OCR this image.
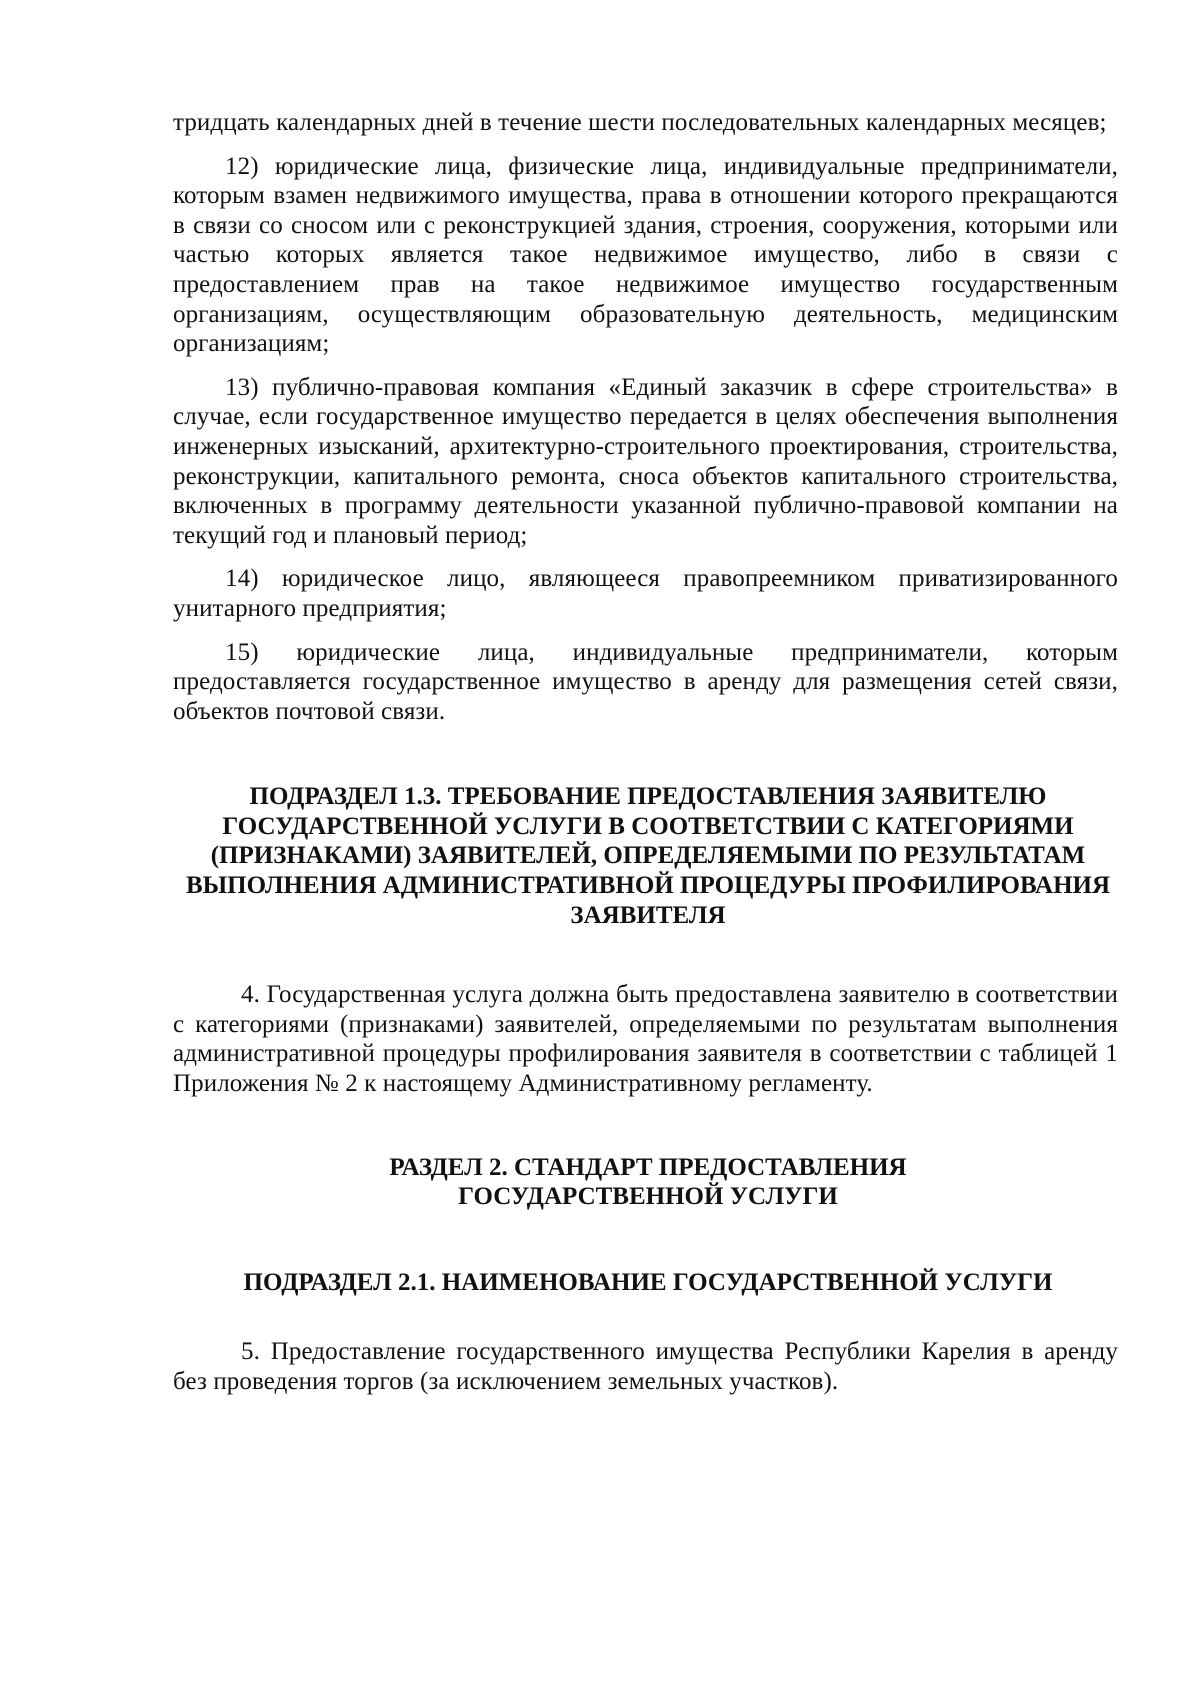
тридцать календарных дней в течение шести последовательных календарных месяцев;

12) юридические лица, физические лица, индивидуальные предприниматели, которым взамен недвижимого имущества, права в отношении которого прекращаются в связи со сносом или с реконструкцией здания, строения, сооружения, которыми или частью которых является такое недвижимое имущество, либо в связи с предоставлением прав на такое недвижимое имущество государственным организациям, осуществляющим образовательную деятельность, медицинским организациям;

13) публично-правовая компания «Единый заказчик в сфере строительства» в случае, если государственное имущество передается в целях обеспечения выполнения инженерных изысканий, архитектурно-строительного проектирования, строительства, реконструкции, капитального ремонта, сноса объектов капитального строительства, включенных в программу деятельности указанной публично-правовой компании на текущий год и плановый период;

14) юридическое лицо, являющееся правопреемником приватизированного унитарного предприятия;

15) юридические лица, индивидуальные предприниматели, которым предоставляется государственное имущество в аренду для размещения сетей связи, объектов почтовой связи.

ПОДРАЗДЕЛ 1.3. ТРЕБОВАНИЕ ПРЕДОСТАВЛЕНИЯ ЗАЯВИТЕЛЮ ГОСУДАРСТВЕННОЙ УСЛУГИ В СООТВЕТСТВИИ С КАТЕГОРИЯМИ (ПРИЗНАКАМИ) ЗАЯВИТЕЛЕЙ, ОПРЕДЕЛЯЕМЫМИ ПО РЕЗУЛЬТАТАМ ВЫПОЛНЕНИЯ АДМИНИСТРАТИВНОЙ ПРОЦЕДУРЫ ПРОФИЛИРОВАНИЯ ЗАЯВИТЕЛЯ

4. Государственная услуга должна быть предоставлена заявителю в соответствии с категориями (признаками) заявителей, определяемыми по результатам выполнения административной процедуры профилирования заявителя в соответствии с таблицей 1 Приложения № 2 к настоящему Административному регламенту.

РАЗДЕЛ 2. СТАНДАРТ ПРЕДОСТАВЛЕНИЯ ГОСУДАРСТВЕННОЙ УСЛУГИ
ПОДРАЗДЕЛ 2.1. НАИМЕНОВАНИЕ ГОСУДАРСТВЕННОЙ УСЛУГИ

5. Предоставление государственного имущества Республики Карелия в аренду без проведения торгов (за исключением земельных участков).
